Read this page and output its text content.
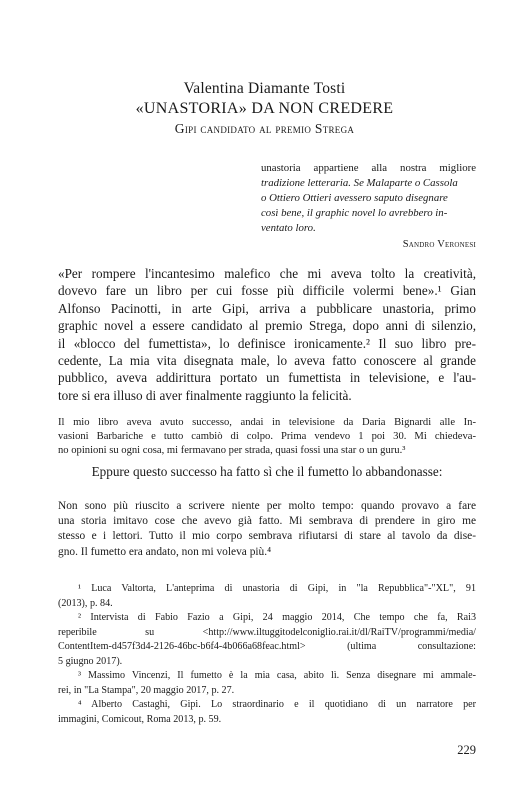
Valentina Diamante Tosti
«UNASTORIA» DA NON CREDERE
Gipi candidato al premio Strega
unastoria appartiene alla nostra migliore
tradizione letteraria. Se Malaparte o Cassola
o Ottiero Ottieri avessero saputo disegnare
così bene, il graphic novel lo avrebbero in-
ventato loro.
Sandro Veronesi
«Per rompere l'incantesimo malefico che mi aveva tolto la creatività,
dovevo fare un libro per cui fosse più difficile volermi bene».¹ Gian
Alfonso Pacinotti, in arte Gipi, arriva a pubblicare unastoria, primo
graphic novel a essere candidato al premio Strega, dopo anni di silenzio,
il «blocco del fumettista», lo definisce ironicamente.² Il suo libro pre-
cedente, La mia vita disegnata male, lo aveva fatto conoscere al grande
pubblico, aveva addirittura portato un fumettista in televisione, e l'au-
tore si era illuso di aver finalmente raggiunto la felicità.
Il mio libro aveva avuto successo, andai in televisione da Daria Bignardi alle In-
vasioni Barbariche e tutto cambiò di colpo. Prima vendevo 1 poi 30. Mi chiedeva-
no opinioni su ogni cosa, mi fermavano per strada, quasi fossi una star o un guru.³
Eppure questo successo ha fatto sì che il fumetto lo abbandonasse:
Non sono più riuscito a scrivere niente per molto tempo: quando provavo a fare
una storia imitavo cose che avevo già fatto. Mi sembrava di prendere in giro me
stesso e i lettori. Tutto il mio corpo sembrava rifiutarsi di stare al tavolo da dise-
gno. Il fumetto era andato, non mi voleva più.⁴
¹ Luca Valtorta, L'anteprima di unastoria di Gipi, in "la Repubblica"-"XL", 91
(2013), p. 84.
² Intervista di Fabio Fazio a Gipi, 24 maggio 2014, Che tempo che fa, Rai3
reperibile su <http://www.iltuggitodelconiglio.rai.it/dl/RaiTV/programmi/media/
ContentItem-d457f3d4-2126-46bc-b6f4-4b066a68feac.html> (ultima consultazione:
5 giugno 2017).
³ Massimo Vincenzi, Il fumetto è la mia casa, abito lì. Senza disegnare mi ammale-
rei, in "La Stampa", 20 maggio 2017, p. 27.
⁴ Alberto Castaghi, Gipi. Lo straordinario e il quotidiano di un narratore per
immagini, Comicout, Roma 2013, p. 59.
229
